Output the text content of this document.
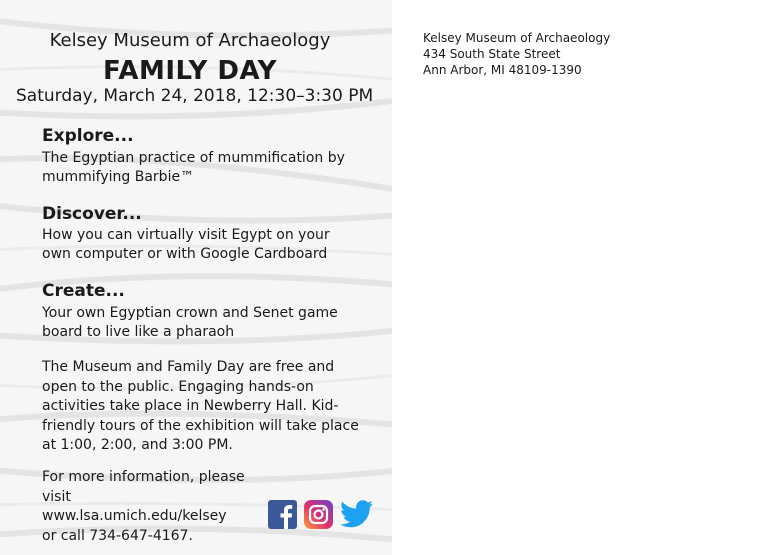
Kelsey Museum of Archaeology
FAMILY DAY
Saturday, March 24, 2018, 12:30–3:30 PM
Explore...
The Egyptian practice of mummification by mummifying Barbie™
Discover...
How you can virtually visit Egypt on your own computer or with Google Cardboard
Create...
Your own Egyptian crown and Senet game board to live like a pharaoh
The Museum and Family Day are free and open to the public. Engaging hands-on activities take place in Newberry Hall. Kid-friendly tours of the exhibition will take place at 1:00, 2:00, and 3:00 PM.
For more information, please visit
www.lsa.umich.edu/kelsey
or call 734-647-4167.
Kelsey Museum of Archaeology
434 South State Street
Ann Arbor, MI 48109-1390
